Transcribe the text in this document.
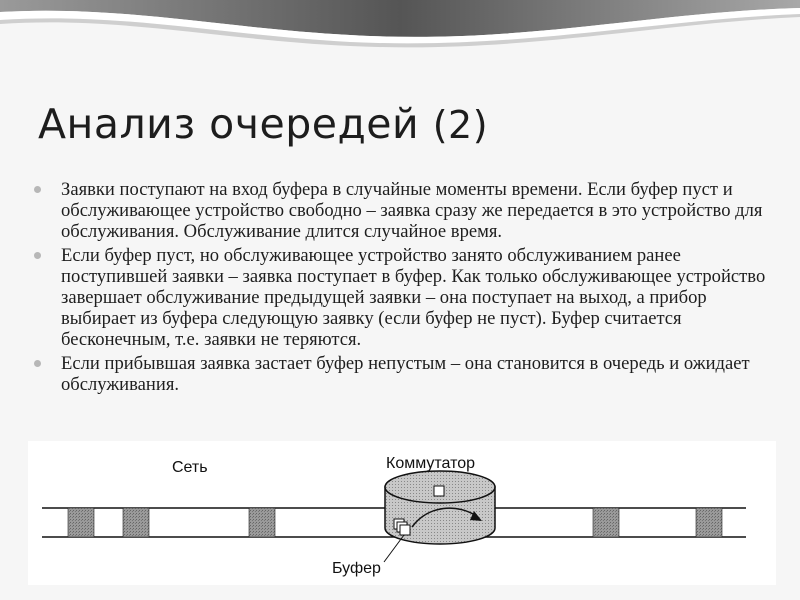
Анализ очередей (2)
Заявки поступают на вход буфера в случайные моменты времени. Если буфер пуст и обслуживающее устройство свободно – заявка сразу же передается в это устройство для обслуживания. Обслуживание длится случайное время.
Если буфер пуст, но обслуживающее устройство занято обслуживанием ранее поступившей заявки – заявка поступает в буфер. Как только обслуживающее устройство завершает обслуживание предыдущей заявки – она поступает на выход, а прибор выбирает из буфера следующую заявку (если буфер не пуст). Буфер считается бесконечным, т.е. заявки не теряются.
Если прибывшая заявка застает буфер непустым – она становится в очередь и ожидает обслуживания.
Сеть	Коммутатор
Буфер
